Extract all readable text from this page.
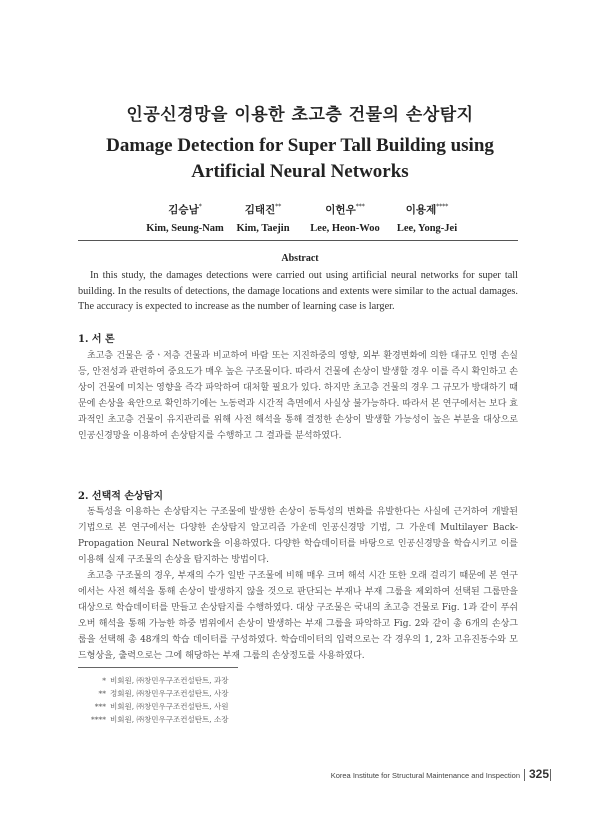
인공신경망을 이용한 초고층 건물의 손상탐지
Damage Detection for Super Tall Building using Artificial Neural Networks
김승남*
Kim, Seung-Nam
김태진**
Kim, Taejin
이헌우***
Lee, Heon-Woo
이용제****
Lee, Yong-Jei
Abstract
In this study, the damages detections were carried out using artificial neural networks for super tall building. In the results of detections, the damage locations and extents were similar to the actual damages. The accuracy is expected to increase as the number of learning case is larger.
1. 서 론

초고층 건물은 중ㆍ저층 건물과 비교하여 바람 또는 지진하중의 영향, 외부 환경변화에 의한 대규모 인명 손실 등, 안전성과 관련하여 중요도가 매우 높은 구조물이다. 따라서 건물에 손상이 발생할 경우 이를 즉시 확인하고 손상이 건물에 미치는 영향을 즉각 파악하여 대처할 필요가 있다. 하지만 초고층 건물의 경우 그 규모가 방대하기 때문에 손상을 육안으로 확인하기에는 노동력과 시간적 측면에서 사실상 불가능하다. 따라서 본 연구에서는 보다 효과적인 초고층 건물이 유지관리를 위해 사전 해석을 통해 결정한 손상이 발생할 가능성이 높은 부분을 대상으로 인공신경망을 이용하여 손상탐지를 수행하고 그 결과를 분석하였다.

2. 선택적 손상탐지

동특성을 이용하는 손상탐지는 구조물에 발생한 손상이 동특성의 변화를 유발한다는 사실에 근거하여 개발된 기법으로 본 연구에서는 다양한 손상탐지 알고리즘 가운데 인공신경망 기법, 그 가운데 Multilayer Back-Propagation Neural Network을 이용하였다. 다양한 학습데이터를 바탕으로 인공신경망을 학습시키고 이를 이용해 실제 구조물의 손상을 탐지하는 방법이다.

초고층 구조물의 경우, 부재의 수가 일반 구조물에 비해 매우 크며 해석 시간 또한 오래 걸리기 때문에 본 연구에서는 사전 해석을 통해 손상이 발생하지 않을 것으로 판단되는 부재나 부재 그룹을 제외하여 선택된 그룹만을 대상으로 학습데이터를 만들고 손상탐지를 수행하였다. 대상 구조물은 국내의 초고층 건물로 Fig. 1과 같이 푸쉬오버 해석을 통해 가능한 하중 범위에서 손상이 발생하는 부재 그룹을 파악하고 Fig. 2와 같이 총 6개의 손상그룹을 선택해 총 48개의 학습 데이터를 구성하였다. 학습데이터의 입력으로는 각 경우의 1, 2차 고유진동수와 모드형상을, 출력으로는 그에 해당하는 부재 그룹의 손상정도를 사용하였다.

* 비회원, ㈜창민우구조컨설탄트, 과장
** 정회원, ㈜창민우구조컨설탄트, 사장
*** 비회원, ㈜창민우구조컨설탄트, 사원
**** 비회원, ㈜창민우구조컨설탄트, 소장
Korea Institute for Structural Maintenance and Inspection 325
